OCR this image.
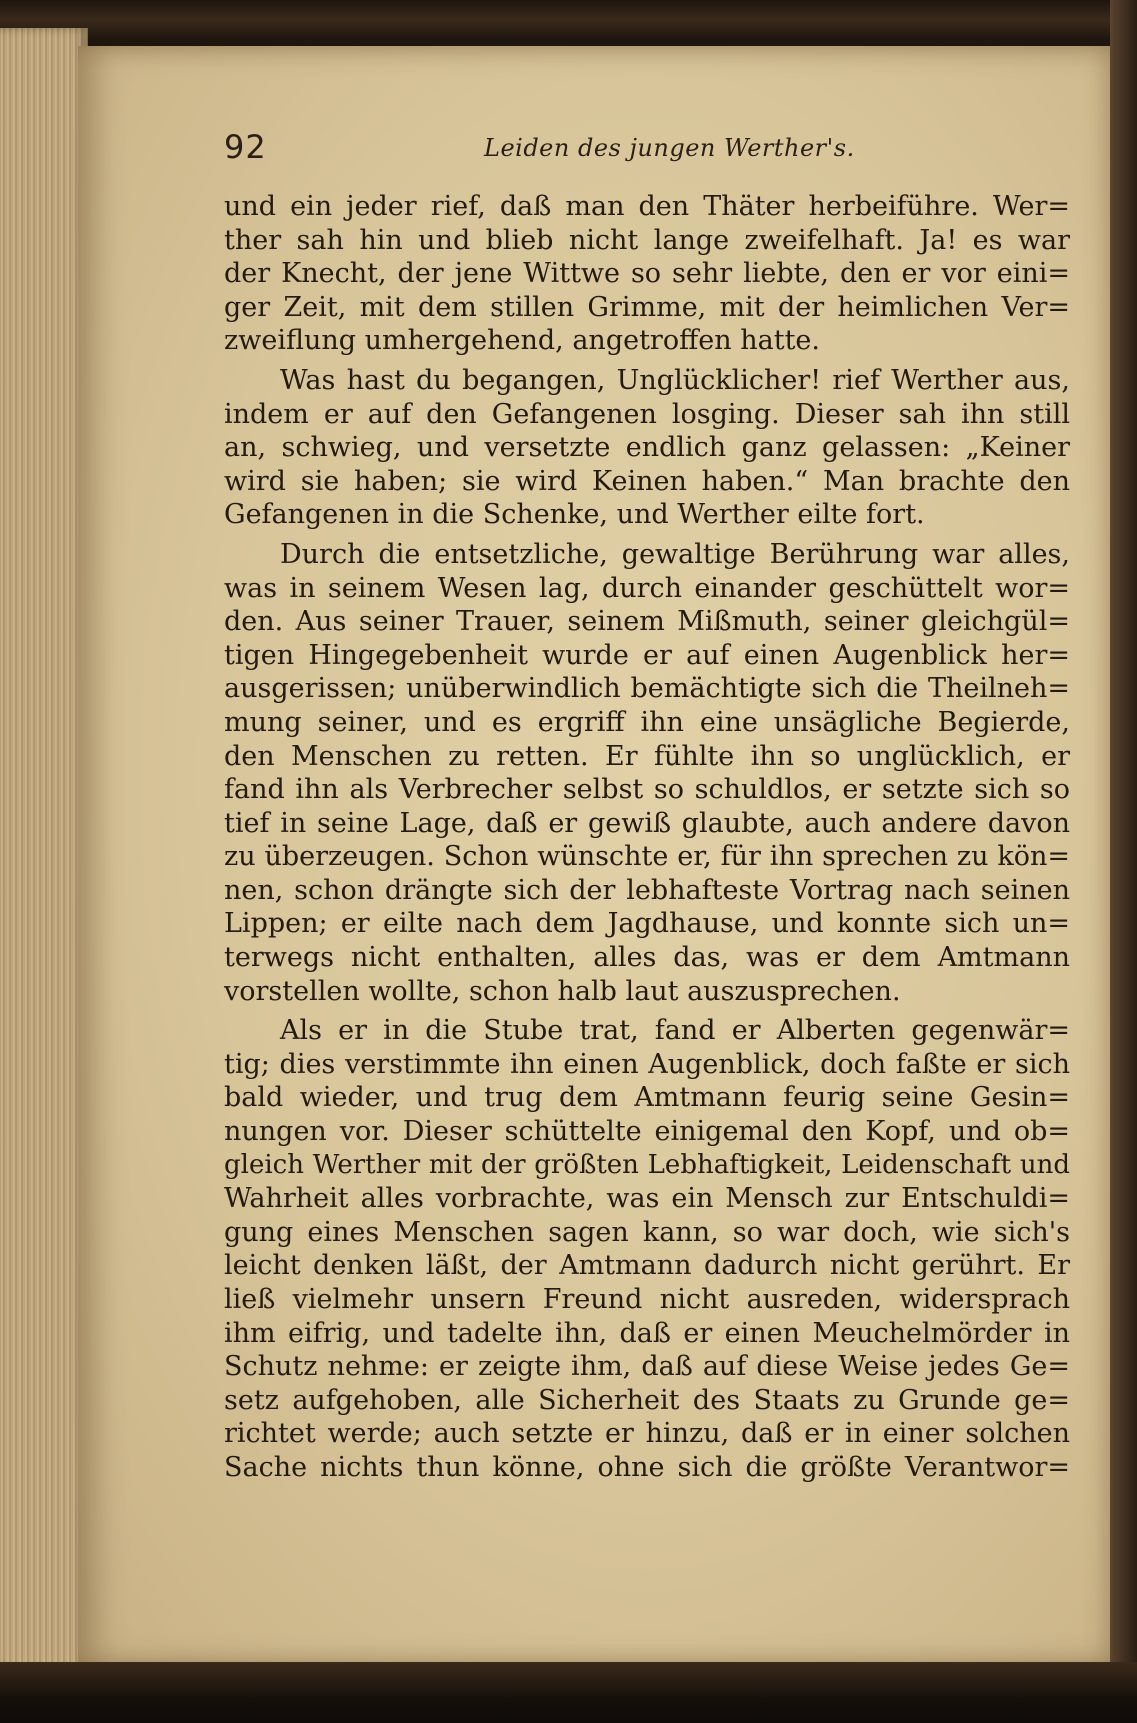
92	Leiden des jungen Werther's.
und ein jeder rief, daß man den Thäter herbeiführe. Wer=
ther sah hin und blieb nicht lange zweifelhaft. Ja! es war
der Knecht, der jene Wittwe so sehr liebte, den er vor eini=
ger Zeit, mit dem stillen Grimme, mit der heimlichen Ver=
zweiflung umhergehend, angetroffen hatte.
Was hast du begangen, Unglücklicher! rief Werther aus,
indem er auf den Gefangenen losging. Dieser sah ihn still
an, schwieg, und versetzte endlich ganz gelassen: „Keiner
wird sie haben; sie wird Keinen haben.“ Man brachte den
Gefangenen in die Schenke, und Werther eilte fort.
Durch die entsetzliche, gewaltige Berührung war alles,
was in seinem Wesen lag, durch einander geschüttelt wor=
den. Aus seiner Trauer, seinem Mißmuth, seiner gleichgül=
tigen Hingegebenheit wurde er auf einen Augenblick her=
ausgerissen; unüberwindlich bemächtigte sich die Theilneh=
mung seiner, und es ergriff ihn eine unsägliche Begierde,
den Menschen zu retten. Er fühlte ihn so unglücklich, er
fand ihn als Verbrecher selbst so schuldlos, er setzte sich so
tief in seine Lage, daß er gewiß glaubte, auch andere davon
zu überzeugen. Schon wünschte er, für ihn sprechen zu kön=
nen, schon drängte sich der lebhafteste Vortrag nach seinen
Lippen; er eilte nach dem Jagdhause, und konnte sich un=
terwegs nicht enthalten, alles das, was er dem Amtmann
vorstellen wollte, schon halb laut auszusprechen.
Als er in die Stube trat, fand er Alberten gegenwär=
tig; dies verstimmte ihn einen Augenblick, doch faßte er sich
bald wieder, und trug dem Amtmann feurig seine Gesin=
nungen vor. Dieser schüttelte einigemal den Kopf, und ob=
gleich Werther mit der größten Lebhaftigkeit, Leidenschaft und
Wahrheit alles vorbrachte, was ein Mensch zur Entschuldi=
gung eines Menschen sagen kann, so war doch, wie sich's
leicht denken läßt, der Amtmann dadurch nicht gerührt. Er
ließ vielmehr unsern Freund nicht ausreden, widersprach
ihm eifrig, und tadelte ihn, daß er einen Meuchelmörder in
Schutz nehme: er zeigte ihm, daß auf diese Weise jedes Ge=
setz aufgehoben, alle Sicherheit des Staats zu Grunde ge=
richtet werde; auch setzte er hinzu, daß er in einer solchen
Sache nichts thun könne, ohne sich die größte Verantwor=
